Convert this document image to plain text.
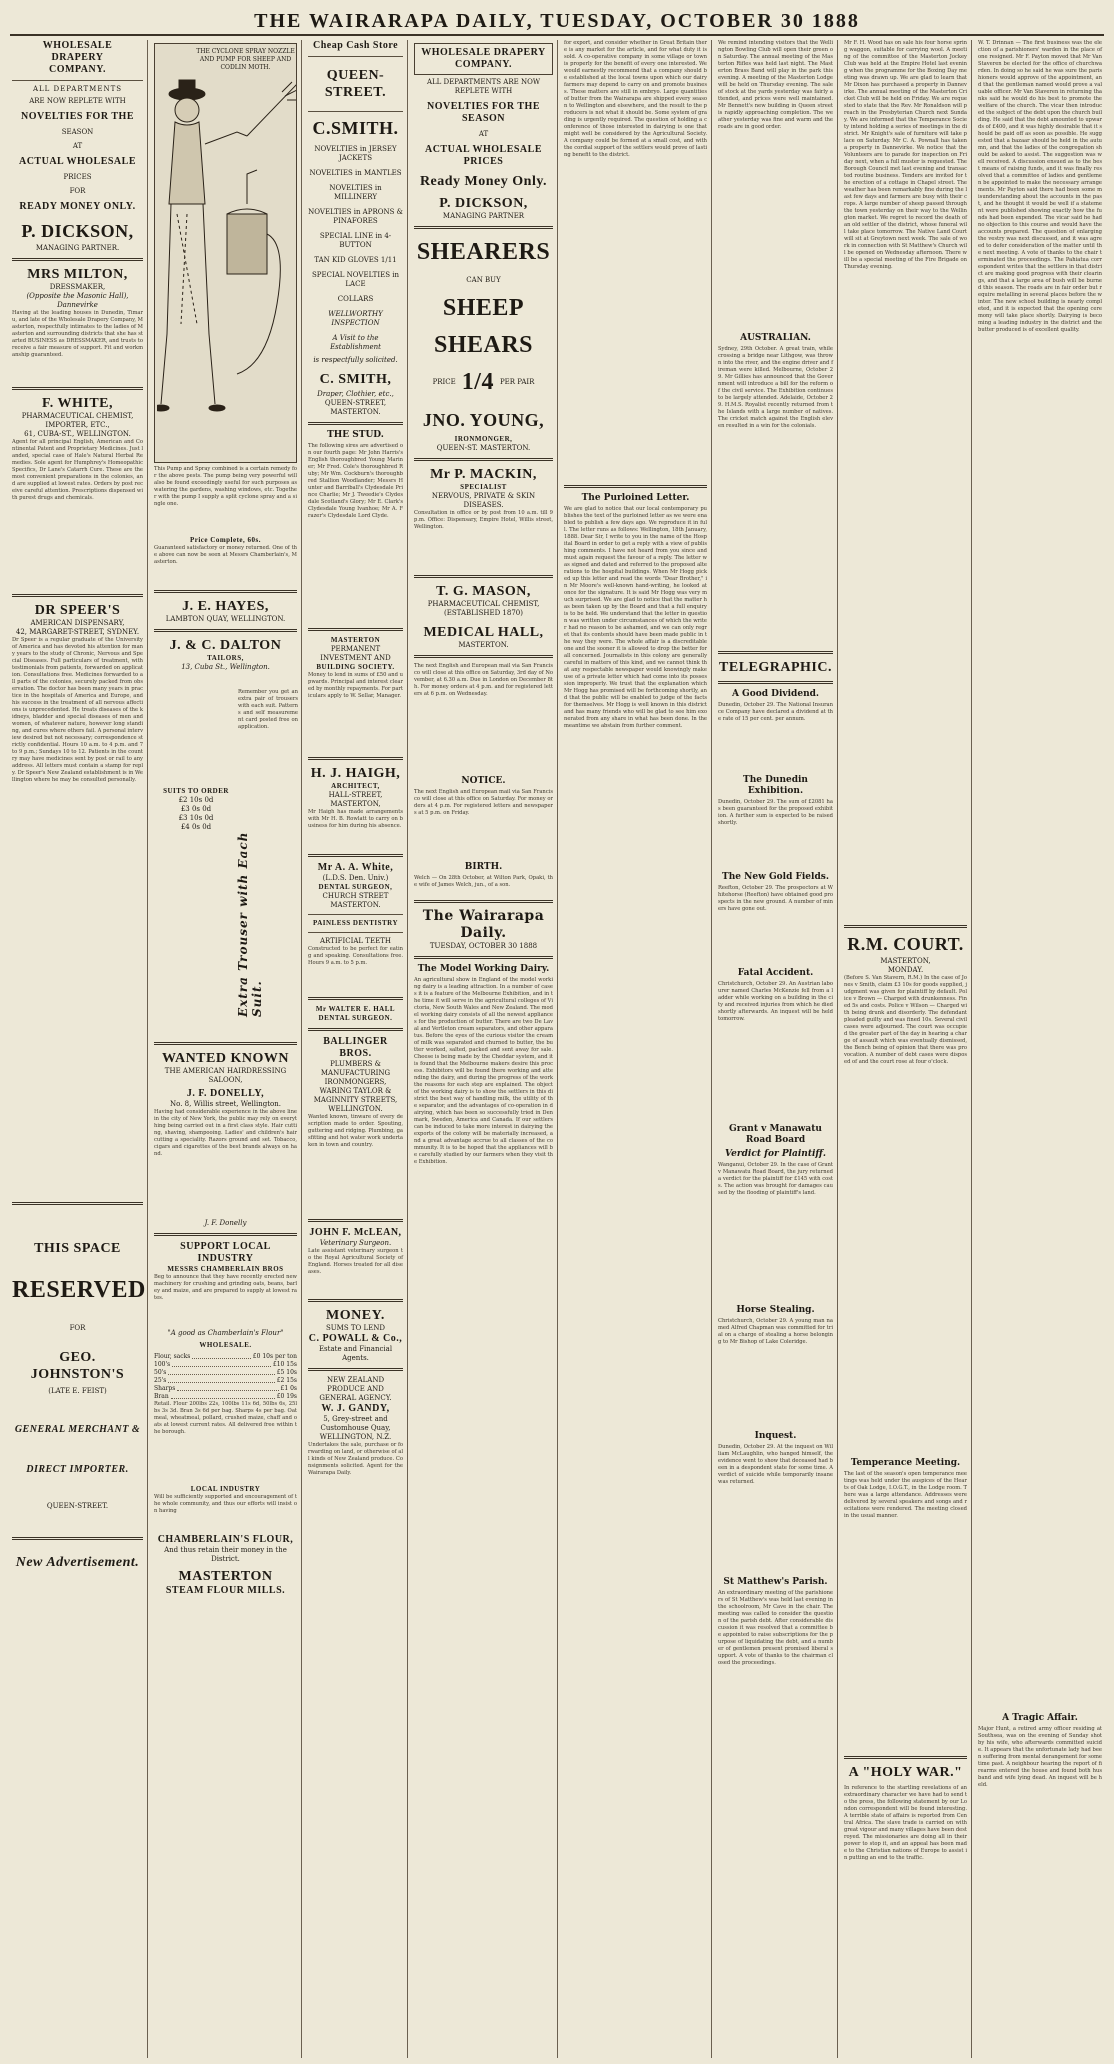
THE WAIRARAPA DAILY, TUESDAY, OCTOBER 30 1888
WHOLESALE
DRAPERY
COMPANY.
ALL DEPARTMENTS
ARE NOW REPLETE WITH
NOVELTIES FOR THE
SEASON
AT
ACTUAL WHOLESALE
PRICES
FOR
READY MONEY ONLY.
P. DICKSON,
MANAGING PARTNER.
MRS MILTON,
DRESSMAKER,
(Opposite the Masonic Hall), Dannevirke
Having at the leading houses in Dunedin, Timaru, and late of the Wholesale Drapery Company, Masterton, respectfully intimates to the ladies of Masterton and surrounding districts that she has started BUSINESS as DRESSMAKER, and trusts to receive a fair measure of support. Fit and workmanship guaranteed.
F. WHITE,
PHARMACEUTICAL CHEMIST,
IMPORTER, ETC.,
61, CUBA-ST., WELLINGTON.
Agent for all principal English, American and Continental Patent and Proprietary Medicines. Just landed, special case of Hale's Natural Herbal Remedies. Sole agent for Humphrey's Homeopathic Specifics, Dr Lane's Catarrh Cure. These are the most convenient preparations in the colonies, and are supplied at lowest rates. Orders by post receive careful attention. Prescriptions dispensed with purest drugs and chemicals.
DR SPEER'S
AMERICAN DISPENSARY,
42, MARGARET-STREET, SYDNEY.
Dr Speer is a regular graduate of the University of America and has devoted his attention for many years to the study of Chronic, Nervous and Special Diseases. Full particulars of treatment, with testimonials from patients, forwarded on application. Consultations free. Medicines forwarded to all parts of the colonies, securely packed from observation. The doctor has been many years in practice in the hospitals of America and Europe, and his success in the treatment of all nervous affections is unprecedented. He treats diseases of the kidneys, bladder and special diseases of men and women, of whatever nature, however long standing, and cures where others fail. A personal interview desired but not necessary; correspondence strictly confidential. Hours 10 a.m. to 4 p.m. and 7 to 9 p.m.; Sundays 10 to 12. Patients in the country may have medicines sent by post or rail to any address. All letters must contain a stamp for reply. Dr Speer's New Zealand establishment is in Wellington where he may be consulted personally.
THIS SPACE
RESERVED
FOR
GEO. JOHNSTON'S
(LATE E. FEIST)
GENERAL MERCHANT &
DIRECT IMPORTER.
QUEEN-STREET.
New Advertisement.
THE CYCLONE SPRAY NOZZLE
AND PUMP FOR SHEEP AND
CODLIN MOTH.
This Pump and Spray combined is a certain remedy for the above pests. The pump being very powerful will also be found exceedingly useful for such purposes as watering the gardens, washing windows, etc. Together with the pump I supply a split cyclone spray and a single one.
Price Complete, 60s.
Guaranteed satisfactory or money returned. One of the above can now be seen at Messrs Chamberlain's, Masterton.
J. E. HAYES,
LAMBTON QUAY, WELLINGTON.
J. & C. DALTON
TAILORS,
13, Cuba St., Wellington.
Remember you get an extra pair of trousers with each suit. Patterns and self measurement card posted free on application.
SUITS TO ORDER
£2 10s 0d
£3 0s 0d
£3 10s 0d
£4 0s 0d
Extra Trouser with Each Suit.
WANTED KNOWN
THE AMERICAN HAIRDRESSING SALOON,
J. F. DONELLY,
No. 8, Willis street, Wellington.
Having had considerable experience in the above line in the city of New York, the public may rely on everything being carried out in a first class style. Hair cutting, shaving, shampooing. Ladies' and children's hair cutting a speciality. Razors ground and set. Tobacco, cigars and cigarettes of the best brands always on hand.
J. F. Donelly
SUPPORT LOCAL INDUSTRY
MESSRS CHAMBERLAIN BROS
Beg to announce that they have recently erected new machinery for crushing and grinding oats, beans, barley and maize, and are prepared to supply at lowest rates.
"A good as Chamberlain's Flour"
WHOLESALE.
Flour, sacks	£0 10s per ton
100's	£10 15s
50's	£5 10s
25's	£2 15s
Sharps	£1 0s
Bran	£0 19s
Retail. Flour 200lbs 22s, 100lbs 11s 6d, 50lbs 6s, 25lbs 3s 3d. Bran 3s 6d per bag. Sharps 4s per bag. Oatmeal, wheatmeal, pollard, crushed maize, chaff and oats at lowest current rates. All delivered free within the borough.
LOCAL INDUSTRY
Will be sufficiently supported and encouragement of the whole community, and thus our efforts will insist on having
CHAMBERLAIN'S FLOUR,
And thus retain their money in the District.
MASTERTON
STEAM FLOUR MILLS.
Cheap Cash Store
QUEEN-STREET.
C.SMITH.
NOVELTIES in JERSEY JACKETS
NOVELTIES in MANTLES
NOVELTIES in MILLINERY
NOVELTIES in APRONS & PINAFORES
SPECIAL LINE in 4-BUTTON
TAN KID GLOVES 1/11
SPECIAL NOVELTIES in LACE
COLLARS
WELLWORTHY INSPECTION
A Visit to the Establishment
is respectfully solicited.
C. SMITH,
Draper, Clothier, etc.,
QUEEN-STREET, MASTERTON.
THE STUD.
The following sires are advertised on our fourth page: Mr John Harris's English thoroughbred Young Mariner; Mr Fred. Cole's thoroughbred Ruby; Mr Wm. Cockburn's thoroughbred Stallion Woodlander; Messrs Hunter and Barriball's Clydesdale Prince Charlie; Mr J. Tweedie's Clydesdale Scotland's Glory; Mr E. Clark's Clydesdale Young Ivanhoe; Mr A. Frazer's Clydesdale Lord Clyde.
MASTERTON
PERMANENT INVESTMENT AND
BUILDING SOCIETY.
Money to lend in sums of £50 and upwards. Principal and interest cleared by monthly repayments. For particulars apply to W. Sellar, Manager.
H. J. HAIGH,
ARCHITECT,
HALL-STREET, MASTERTON,
Mr Haigh has made arrangements with Mr H. B. Rowlatt to carry on business for him during his absence.
Mr A. A. White,
(L.D.S. Den. Univ.)
DENTAL SURGEON,
CHURCH STREET MASTERTON.
PAINLESS DENTISTRY
ARTIFICIAL TEETH
Constructed to be perfect for eating and speaking. Consultations free. Hours 9 a.m. to 5 p.m.
Mr WALTER E. HALL
DENTAL SURGEON.
BALLINGER BROS.
PLUMBERS & MANUFACTURING IRONMONGERS,
WARING TAYLOR & MAGINNITY STREETS, WELLINGTON.
Wanted known, tinware of every description made to order. Spouting, guttering and ridging. Plumbing, gasfitting and hot water work undertaken in town and country.
JOHN F. McLEAN,
Veterinary Surgeon.
Late assistant veterinary surgeon to the Royal Agricultural Society of England. Horses treated for all diseases.
MONEY.
SUMS TO LEND
C. POWALL & Co.,
Estate and Financial Agents.
NEW ZEALAND PRODUCE AND GENERAL AGENCY.
W. J. GANDY,
5, Grey-street and Customhouse Quay, WELLINGTON, N.Z.
Undertakes the sale, purchase or forwarding on land, or otherwise of all kinds of New Zealand produce. Consignments solicited. Agent for the Wairarapa Daily.
WHOLESALE DRAPERY COMPANY.
ALL DEPARTMENTS ARE NOW REPLETE WITH
NOVELTIES FOR THE SEASON
AT
ACTUAL WHOLESALE PRICES
Ready Money Only.
P. DICKSON,
MANAGING PARTNER
SHEARERS
CAN BUY
SHEEP
SHEARS
PRICE 1/4 PER PAIR
JNO. YOUNG,
IRONMONGER,
QUEEN-ST. MASTERTON.
Mr P. MACKIN,
SPECIALIST
NERVOUS, PRIVATE & SKIN DISEASES.
Consultation in office or by post from 10 a.m. till 9 p.m. Office: Dispensary, Empire Hotel, Willis street, Wellington.
T. G. MASON,
PHARMACEUTICAL CHEMIST,
(ESTABLISHED 1870)
MEDICAL HALL,
MASTERTON.
The next English and European mail via San Francisco will close at this office on Saturday, 3rd day of November, at 6.30 a.m. Due in London on December 8th. For money orders at 4 p.m. and for registered letters at 6 p.m. on Wednesday.
NOTICE.
The next English and European mail via San Francisco will close at this office on Saturday. For money orders at 4 p.m. For registered letters and newspapers at 5 p.m. on Friday.
BIRTH.
Welch — On 28th October, at Wilton Park, Opaki, the wife of James Welch, jun., of a son.
The Wairarapa Daily.
TUESDAY, OCTOBER 30 1888
The Model Working Dairy.
An agricultural show in England of the model working dairy is a leading attraction. In a number of cases it is a feature of the Melbourne Exhibition, and in the time it will serve in the agricultural colleges of Victoria, New South Wales and New Zealand. The model working dairy consists of all the newest appliances for the production of butter. There are two De Laval and Vertleton cream separators, and other apparatus. Before the eyes of the curious visitor the cream of milk was separated and churned to butter, the butter worked, salted, packed and sent away for sale. Cheese is being made by the Cheddar system, and it is found that the Melbourne makers desire this process. Exhibitors will be found there working and attending the dairy, and during the progress of the work the reasons for each step are explained. The object of the working dairy is to show the settlers in this district the best way of handling milk, the utility of the separator, and the advantages of co-operation in dairying, which has been so successfully tried in Denmark, Sweden, America and Canada. If our settlers can be induced to take more interest in dairying the exports of the colony will be materially increased, and a great advantage accrue to all classes of the community. It is to be hoped that the appliances will be carefully studied by our farmers when they visit the Exhibition.
for export, and consider whether in Great Britain there is any market for the article, and for what duty it is sold. A co-operative company in some village or town is properly for the benefit of every one interested. We would earnestly recommend that a company should be established at the local towns upon which our dairy farmers may depend to carry on and promote business. These matters are still in embryo. Large quantities of butter from the Wairarapa are shipped every season to Wellington and elsewhere, and the result to the producers is not what it should be. Some system of grading is urgently required. The question of holding a conference of those interested in dairying is one that might well be considered by the Agricultural Society. A company could be formed at a small cost, and with the cordial support of the settlers would prove of lasting benefit to the district.
The Purloined Letter.
We are glad to notice that our local contemporary publishes the text of the purloined letter as we were enabled to publish a few days ago. We reproduce it in full. The letter runs as follows: Wellington, 18th January, 1888. Dear Sir, I write to you in the name of the Hospital Board in order to get a reply with a view of publishing comments. I have not heard from you since and must again request the favour of a reply. The letter was signed and dated and referred to the proposed alterations to the hospital buildings. When Mr Hogg picked up this letter and read the words "Dear Brother," in Mr Moore's well-known hand-writing, he looked at once for the signature. It is said Mr Hogg was very much surprised. We are glad to notice that the matter has been taken up by the Board and that a full enquiry is to be held. We understand that the letter in question was written under circumstances of which the writer had no reason to be ashamed, and we can only regret that its contents should have been made public in the way they were. The whole affair is a discreditable one and the sooner it is allowed to drop the better for all concerned. Journalists in this colony are generally careful in matters of this kind, and we cannot think that any respectable newspaper would knowingly make use of a private letter which had come into its possession improperly. We trust that the explanation which Mr Hogg has promised will be forthcoming shortly, and that the public will be enabled to judge of the facts for themselves. Mr Hogg is well known in this district and has many friends who will be glad to see him exonerated from any share in what has been done. In the meantime we abstain from further comment.
We remind intending visitors that the Wellington Bowling Club will open their green on Saturday. The annual meeting of the Masterton Rifles was held last night. The Masterton Brass Band will play in the park this evening. A meeting of the Masterton Lodge will be held on Thursday evening. The sale of stock at the yards yesterday was fairly attended, and prices were well maintained. Mr Bennett's new building in Queen street is rapidly approaching completion. The weather yesterday was fine and warm and the roads are in good order.
AUSTRALIAN.
Sydney, 29th October. A great train, while crossing a bridge near Lithgow, was thrown into the river, and the engine driver and fireman were killed. Melbourne, October 29. Mr Gillies has announced that the Government will introduce a bill for the reform of the civil service. The Exhibition continues to be largely attended. Adelaide, October 29. H.M.S. Royalist recently returned from the Islands with a large number of natives. The cricket match against the English eleven resulted in a win for the colonials.
TELEGRAPHIC.
A Good Dividend.
Dunedin, October 29. The National Insurance Company have declared a dividend at the rate of 15 per cent. per annum.
The Dunedin Exhibition.
Dunedin, October 29. The sum of £2081 has been guaranteed for the proposed exhibition. A further sum is expected to be raised shortly.
The New Gold Fields.
Reefton, October 29. The prospectors at Whitehorse (Reefton) have obtained good prospects in the new ground. A number of miners have gone out.
Fatal Accident.
Christchurch, October 29. An Austrian labourer named Charles McKenzie fell from a ladder while working on a building in the city and received injuries from which he died shortly afterwards. An inquest will be held tomorrow.
Grant v Manawatu Road Board
Verdict for Plaintiff.
Wanganui, October 29. In the case of Grant v Manawatu Road Board, the jury returned a verdict for the plaintiff for £145 with costs. The action was brought for damages caused by the flooding of plaintiff's land.
Horse Stealing.
Christchurch, October 29. A young man named Alfred Chapman was committed for trial on a charge of stealing a horse belonging to Mr Bishop of Lake Coleridge.
Inquest.
Dunedin, October 29. At the inquest on William McLaughlin, who hanged himself, the evidence went to show that deceased had been in a despondent state for some time. A verdict of suicide while temporarily insane was returned.
St Matthew's Parish.
An extraordinary meeting of the parishioners of St Matthew's was held last evening in the schoolroom, Mr Cave in the chair. The meeting was called to consider the question of the parish debt. After considerable discussion it was resolved that a committee be appointed to raise subscriptions for the purpose of liquidating the debt, and a number of gentlemen present promised liberal support. A vote of thanks to the chairman closed the proceedings.
Mr F. H. Wood has on sale his four horse spring waggon, suitable for carrying wool. A meeting of the committee of the Masterton Jockey Club was held at the Empire Hotel last evening when the programme for the Boxing Day meeting was drawn up. We are glad to learn that Mr Dixon has purchased a property in Dannevirke. The annual meeting of the Masterton Cricket Club will be held on Friday. We are requested to state that the Rev. Mr Ronaldson will preach in the Presbyterian Church next Sunday. We are informed that the Temperance Society intend holding a series of meetings in the district. Mr Knight's sale of furniture will take place on Saturday. Mr C. A. Pownall has taken a property in Dannevirke. We notice that the Volunteers are to parade for inspection on Friday next, when a full muster is requested. The Borough Council met last evening and transacted routine business. Tenders are invited for the erection of a cottage in Chapel street. The weather has been remarkably fine during the last few days and farmers are busy with their crops. A large number of sheep passed through the town yesterday on their way to the Wellington market. We regret to record the death of an old settler of the district, whose funeral will take place tomorrow. The Native Land Court will sit at Greytown next week. The sale of work in connection with St Matthew's Church will be opened on Wednesday afternoon. There will be a special meeting of the Fire Brigade on Thursday evening.
R.M. COURT.
MASTERTON,
MONDAY.
(Before S. Van Stavern, R.M.) In the case of Jones v Smith, claim £3 10s for goods supplied, judgment was given for plaintiff by default. Police v Brown — Charged with drunkenness. Fined 5s and costs. Police v Wilson — Charged with being drunk and disorderly. The defendant pleaded guilty and was fined 10s. Several civil cases were adjourned. The court was occupied the greater part of the day in hearing a charge of assault which was eventually dismissed, the Bench being of opinion that there was provocation. A number of debt cases were disposed of and the court rose at four o'clock.
Temperance Meeting.
The last of the season's open temperance meetings was held under the auspices of the Hearts of Oak Lodge, I.O.G.T., in the Lodge room. There was a large attendance. Addresses were delivered by several speakers and songs and recitations were rendered. The meeting closed in the usual manner.
A "HOLY WAR."
In reference to the startling revelations of an extraordinary character we have had to send to the press, the following statement by our London correspondent will be found interesting. A terrible state of affairs is reported from Central Africa. The slave trade is carried on with great vigour and many villages have been destroyed. The missionaries are doing all in their power to stop it, and an appeal has been made to the Christian nations of Europe to assist in putting an end to the traffic.
W. T. Drinnan — The first business was the election of a parishioners' warden in the place of one resigned. Mr F. Payton moved that Mr Van Staveren be elected for the office of churchwarden. In doing so he said he was sure the parishioners would approve of the appointment, and that the gentleman named would prove a valuable officer. Mr Van Staveren in returning thanks said he would do his best to promote the welfare of the church. The vicar then introduced the subject of the debt upon the church building. He said that the debt amounted to upwards of £400, and it was highly desirable that it should be paid off as soon as possible. He suggested that a bazaar should be held in the autumn, and that the ladies of the congregation should be asked to assist. The suggestion was well received. A discussion ensued as to the best means of raising funds, and it was finally resolved that a committee of ladies and gentlemen be appointed to make the necessary arrangements. Mr Payton said there had been some misunderstanding about the accounts in the past, and he thought it would be well if a statement were published showing exactly how the funds had been expended. The vicar said he had no objection to this course and would have the accounts prepared. The question of enlarging the vestry was next discussed, and it was agreed to defer consideration of the matter until the next meeting. A vote of thanks to the chair terminated the proceedings. The Pahiatua correspondent writes that the settlers in that district are making good progress with their clearings, and that a large area of bush will be burned this season. The roads are in fair order but require metalling in several places before the winter. The new school building is nearly completed, and it is expected that the opening ceremony will take place shortly. Dairying is becoming a leading industry in the district and the butter produced is of excellent quality.
A Tragic Affair.
Major Hunt, a retired army officer residing at Southsea, was on the evening of Sunday shot by his wife, who afterwards committed suicide. It appears that the unfortunate lady had been suffering from mental derangement for some time past. A neighbour hearing the report of firearms entered the house and found both husband and wife lying dead. An inquest will be held.
